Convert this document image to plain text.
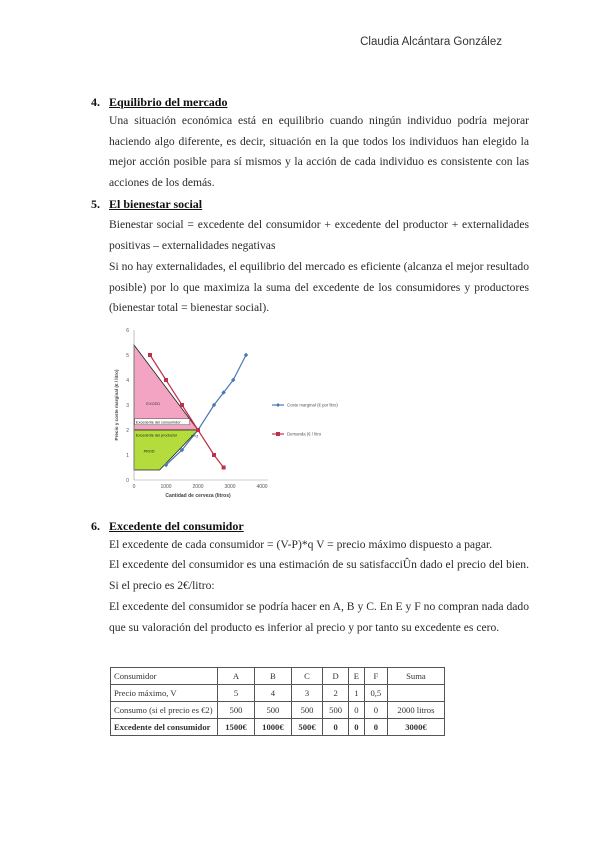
Claudia Alcántara González
4. Equilibrio del mercado
Una situación económica está en equilibrio cuando ningún individuo podría mejorar haciendo algo diferente, es decir, situación en la que todos los individuos han elegido la mejor acción posible para sí mismos y la acción de cada individuo es consistente con las acciones de los demás.
5. El bienestar social
Bienestar social = excedente del consumidor + excedente del productor + externalidades positivas – externalidades negativas
Si no hay externalidades, el equilibrio del mercado es eficiente (alcanza el mejor resultado posible) por lo que maximiza la suma del excedente de los consumidores y productores (bienestar total = bienestar social).
0
1
2
3
4
5
6
0	1000	2000	3000	4000
Cantidad de cerveza (litros)
Precio y coste marginal (€ / litro)	EXCED
Excedente del consumidor
Excedente del productor
PROD
P=2
Coste marginal (€ por litro)
Demanda (€ / litro
6. Excedente del consumidor
El excedente de cada consumidor = (V-P)*q V = precio máximo dispuesto a pagar.
El excedente del consumidor es una estimación de su satisfacciÛn dado el precio del bien. Si el precio es 2€/litro:
El excedente del consumidor se podría hacer en A, B y C. En E y F no compran nada dado que su valoración del producto es inferior al precio y por tanto su excedente es cero.
Consumidor	A	B	C	D	E	F	Suma
Precio máximo, V	5	4	3	2	1	0,5	
Consumo (si el precio es €2)	500	500	500	500	0	0	2000 litros
Excedente del consumidor	1500€	1000€	500€	0	0	0	3000€
